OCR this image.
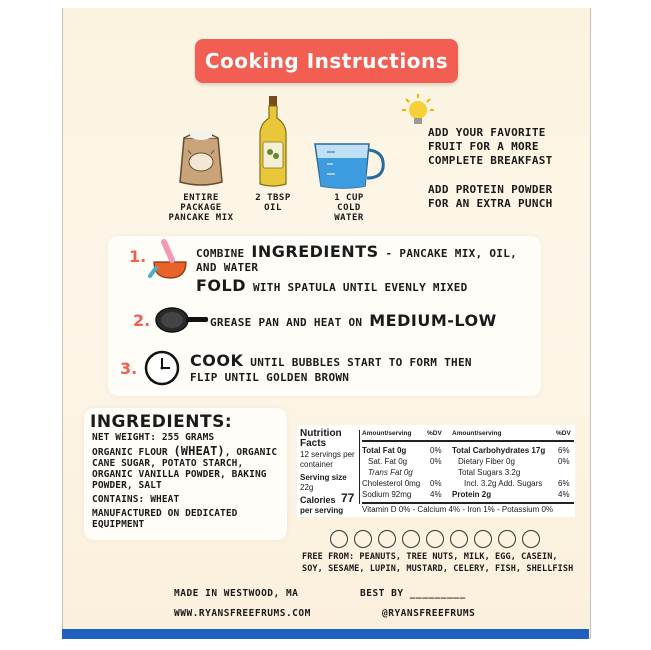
Cooking Instructions
ENTIRE PACKAGE PANCAKE MIX
2 TBSP OIL
1 CUP COLD WATER
ADD YOUR FAVORITE FRUIT FOR A MORE COMPLETE BREAKFAST
ADD PROTEIN POWDER FOR AN EXTRA PUNCH
1.	COMBINE INGREDIENTS - PANCAKE MIX, OIL, AND WATER
FOLD WITH SPATULA UNTIL EVENLY MIXED
2.	GREASE PAN AND HEAT ON MEDIUM-LOW
3.	COOK UNTIL BUBBLES START TO FORM THEN
FLIP UNTIL GOLDEN BROWN
INGREDIENTS:
NET WEIGHT: 255 GRAMS
ORGANIC FLOUR (WHEAT), ORGANIC CANE SUGAR, POTATO STARCH, ORGANIC VANILLA POWDER, BAKING POWDER, SALT
CONTAINS: WHEAT
MANUFACTURED ON DEDICATED EQUIPMENT
Nutrition Facts
12 servings per container
Serving size
22g
Calories 77
per serving
Amount/serving %DV Amount/serving	%DV
Total Fat 0g	0%
Sat. Fat 0g	0%
Trans Fat 0g
Cholesterol 0mg 0%
Sodium 92mg 4%
Total Carbohydrates 17g 6%
Dietary Fiber 0g	0%
Total Sugars 3.2g
Incl. 3.2g Add. Sugars 6%
Protein 2g	4%
Vitamin D 0% - Calcium 4% - Iron 1% - Potassium 0%
FREE FROM: PEANUTS, TREE NUTS, MILK, EGG, CASEIN,
SOY, SESAME, LUPIN, MUSTARD, CELERY, FISH, SHELLFISH
MADE IN WESTWOOD, MA	BEST BY _________
WWW.RYANSFREEFRUMS.COM	@RYANSFREEFRUMS
